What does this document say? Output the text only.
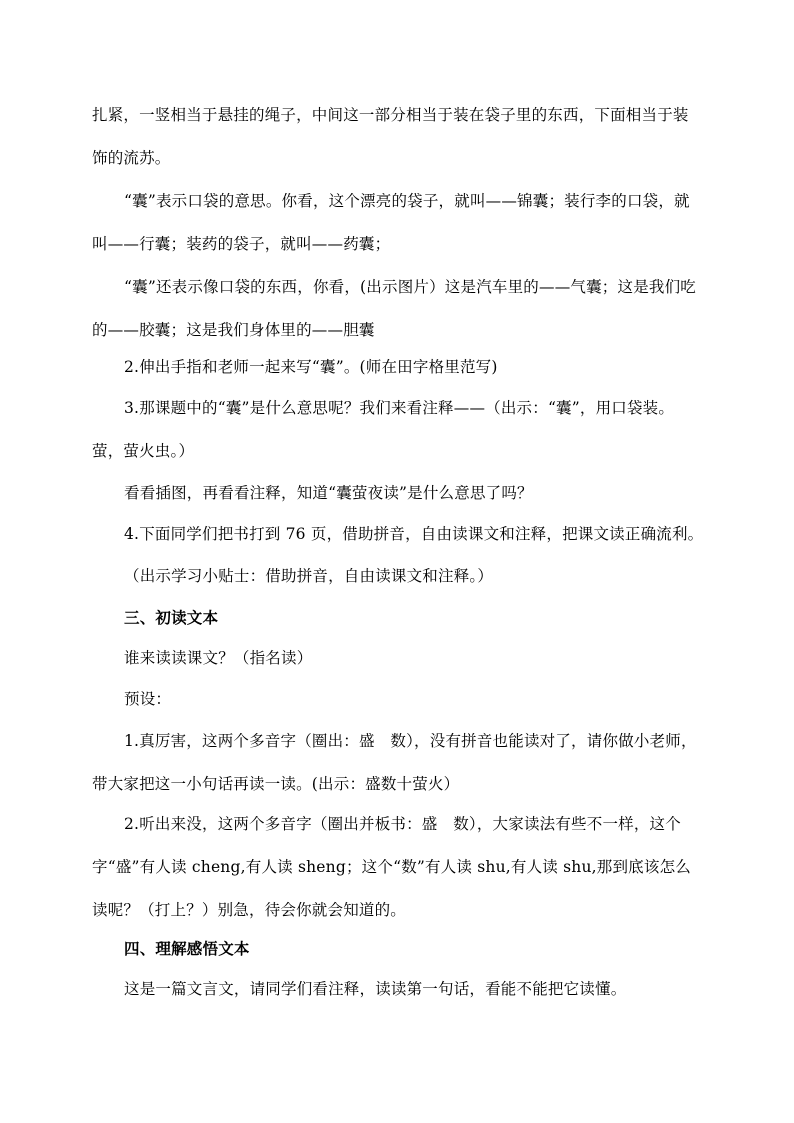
扎紧，一竖相当于悬挂的绳子，中间这一部分相当于装在袋子里的东西，下面相当于装饰的流苏。

“囊”表示口袋的意思。你看，这个漂亮的袋子，就叫——锦囊；装行李的口袋，就叫——行囊；装药的袋子，就叫——药囊；

“囊”还表示像口袋的东西，你看，(出示图片）这是汽车里的——气囊；这是我们吃的——胶囊；这是我们身体里的——胆囊

2.伸出手指和老师一起来写“囊”。(师在田字格里范写)

3.那课题中的“囊”是什么意思呢？我们来看注释——（出示：“囊”，用口袋装。萤，萤火虫。）

看看插图，再看看注释，知道“囊萤夜读”是什么意思了吗？

4.下面同学们把书打到 76 页，借助拼音，自由读课文和注释，把课文读正确流利。

（出示学习小贴士：借助拼音，自由读课文和注释。）

三、初读文本

谁来读读课文？（指名读）

预设：

1.真厉害，这两个多音字（圈出：盛　数），没有拼音也能读对了，请你做小老师，带大家把这一小句话再读一读。(出示：盛数十萤火）

2.听出来没，这两个多音字（圈出并板书：盛　数），大家读法有些不一样，这个字“盛”有人读 cheng,有人读 sheng；这个“数”有人读 shu,有人读 shu,那到底该怎么读呢？（打上？）别急，待会你就会知道的。

四、理解感悟文本

这是一篇文言文，请同学们看注释，读读第一句话，看能不能把它读懂。
